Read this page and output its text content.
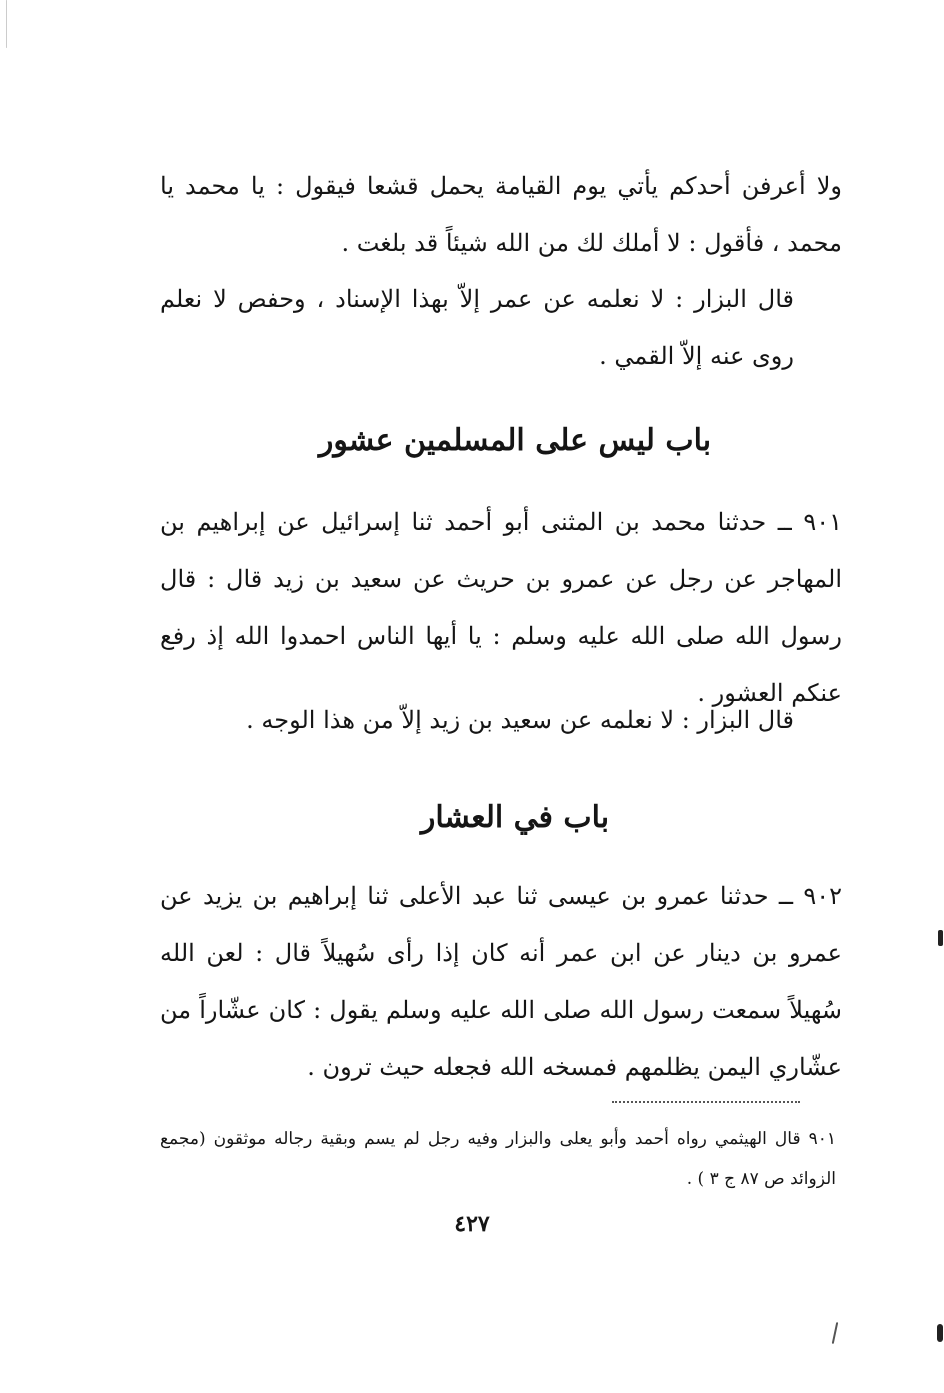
ولا أعرفن أحدكم يأتي يوم القيامة يحمل قشعا فيقول : يا محمد يا محمد ، فأقول : لا أملك لك من الله شيئاً قد بلغت .

قال البزار : لا نعلمه عن عمر إلاّ بهذا الإسناد ، وحفص لا نعلم روى عنه إلاّ القمي .

باب ليس على المسلمين عشور

٩٠١ ــ حدثنا محمد بن المثنى أبو أحمد ثنا إسرائيل عن إبراهيم بن المهاجر عن رجل عن عمرو بن حريث عن سعيد بن زيد قال : قال رسول الله صلى الله عليه وسلم : يا أيها الناس احمدوا الله إذ رفع عنكم العشور .

قال البزار : لا نعلمه عن سعيد بن زيد إلاّ من هذا الوجه .

باب في العشار

٩٠٢ ــ حدثنا عمرو بن عيسى ثنا عبد الأعلى ثنا إبراهيم بن يزيد عن عمرو بن دينار عن ابن عمر أنه كان إذا رأى سُهيلاً قال : لعن الله سُهيلاً سمعت رسول الله صلى الله عليه وسلم يقول : كان عشّاراً من عشّاري اليمن يظلمهم فمسخه الله فجعله حيث ترون .

٩٠١ قال الهيثمي رواه أحمد وأبو يعلى والبزار وفيه رجل لم يسم وبقية رجاله موثقون (مجمع الزوائد ص ٨٧ ج ٣ ) .

٤٢٧
